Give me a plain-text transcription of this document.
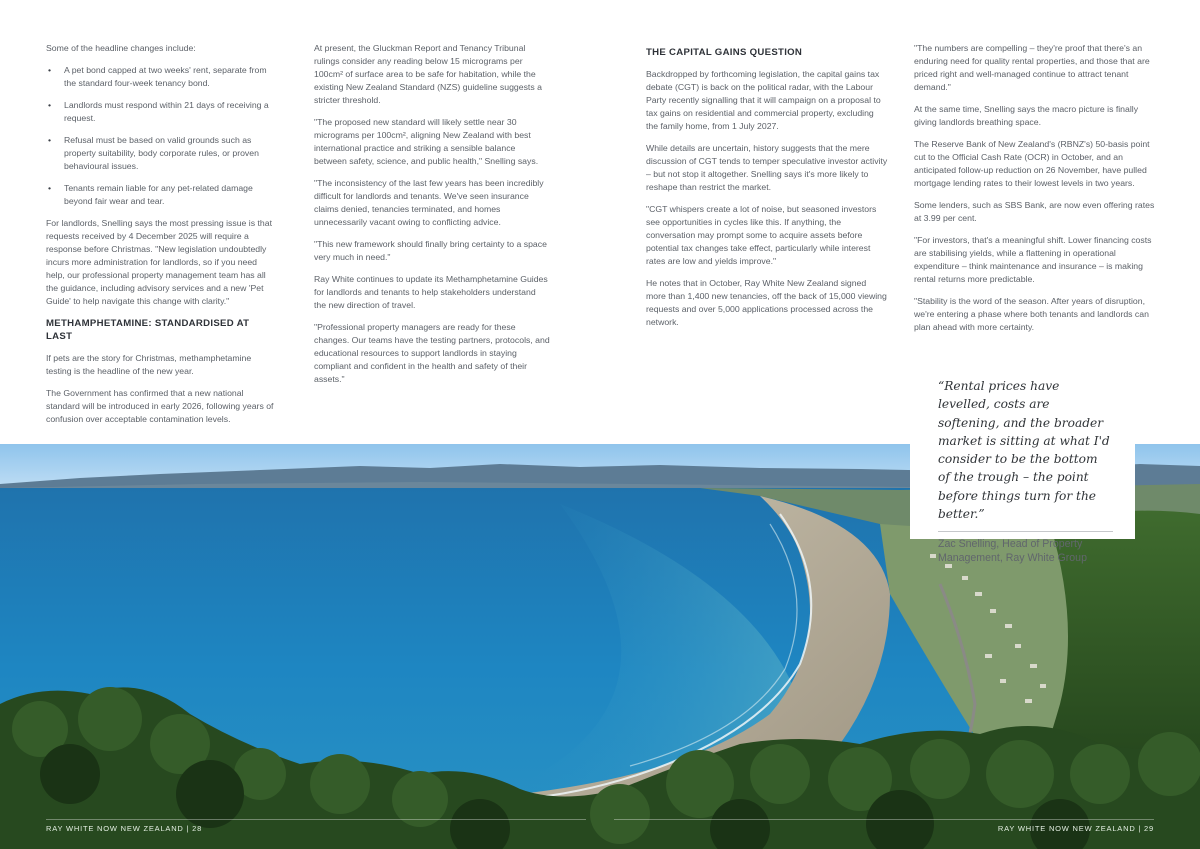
Some of the headline changes include:

• A pet bond capped at two weeks' rent, separate from the standard four-week tenancy bond.
• Landlords must respond within 21 days of receiving a request.
• Refusal must be based on valid grounds such as property suitability, body corporate rules, or proven behavioural issues.
• Tenants remain liable for any pet-related damage beyond fair wear and tear.

For landlords, Snelling says the most pressing issue is that requests received by 4 December 2025 will require a response before Christmas. "New legislation undoubtedly incurs more administration for landlords, so if you need help, our professional property management team has all the guidance, including advisory services and a new 'Pet Guide' to help navigate this change with clarity."

METHAMPHETAMINE: STANDARDISED AT LAST

If pets are the story for Christmas, methamphetamine testing is the headline of the new year.

The Government has confirmed that a new national standard will be introduced in early 2026, following years of confusion over acceptable contamination levels.

At present, the Gluckman Report and Tenancy Tribunal rulings consider any reading below 15 micrograms per 100cm² of surface area to be safe for habitation, while the existing New Zealand Standard (NZS) guideline suggests a stricter threshold.

"The proposed new standard will likely settle near 30 micrograms per 100cm², aligning New Zealand with best international practice and striking a sensible balance between safety, science, and public health," Snelling says.

"The inconsistency of the last few years has been incredibly difficult for landlords and tenants. We've seen insurance claims denied, tenancies terminated, and homes unnecessarily vacant owing to conflicting advice.

"This new framework should finally bring certainty to a space very much in need."

Ray White continues to update its Methamphetamine Guides for landlords and tenants to help stakeholders understand the new direction of travel.

"Professional property managers are ready for these changes. Our teams have the testing partners, protocols, and educational resources to support landlords in staying compliant and confident in the health and safety of their assets."

THE CAPITAL GAINS QUESTION

Backdropped by forthcoming legislation, the capital gains tax debate (CGT) is back on the political radar, with the Labour Party recently signalling that it will campaign on a proposal to tax gains on residential and commercial property, excluding the family home, from 1 July 2027.

While details are uncertain, history suggests that the mere discussion of CGT tends to temper speculative investor activity – but not stop it altogether. Snelling says it's more likely to reshape than restrict the market.

"CGT whispers create a lot of noise, but seasoned investors see opportunities in cycles like this. If anything, the conversation may prompt some to acquire assets before potential tax changes take effect, particularly while interest rates are low and yields improve."

He notes that in October, Ray White New Zealand signed more than 1,400 new tenancies, off the back of 15,000 viewing requests and over 5,000 applications processed across the network.

"The numbers are compelling – they're proof that there's an enduring need for quality rental properties, and those that are priced right and well-managed continue to attract tenant demand."

At the same time, Snelling says the macro picture is finally giving landlords breathing space.

The Reserve Bank of New Zealand's (RBNZ's) 50-basis point cut to the Official Cash Rate (OCR) in October, and an anticipated follow-up reduction on 26 November, have pulled mortgage lending rates to their lowest levels in two years.

Some lenders, such as SBS Bank, are now even offering rates at 3.99 per cent.

"For investors, that's a meaningful shift. Lower financing costs are stabilising yields, while a flattening in operational expenditure – think maintenance and insurance – is making rental returns more predictable.

"Stability is the word of the season. After years of disruption, we're entering a phase where both tenants and landlords can plan ahead with more certainty.

RAY WHITE NOW NEW ZEALAND | 28	RAY WHITE NOW NEW ZEALAND | 29

“Rental prices have levelled, costs are softening, and the broader market is sitting at what I'd consider to be the bottom of the trough – the point before things turn for the better.”

Zac Snelling, Head of Property Management, Ray White Group
